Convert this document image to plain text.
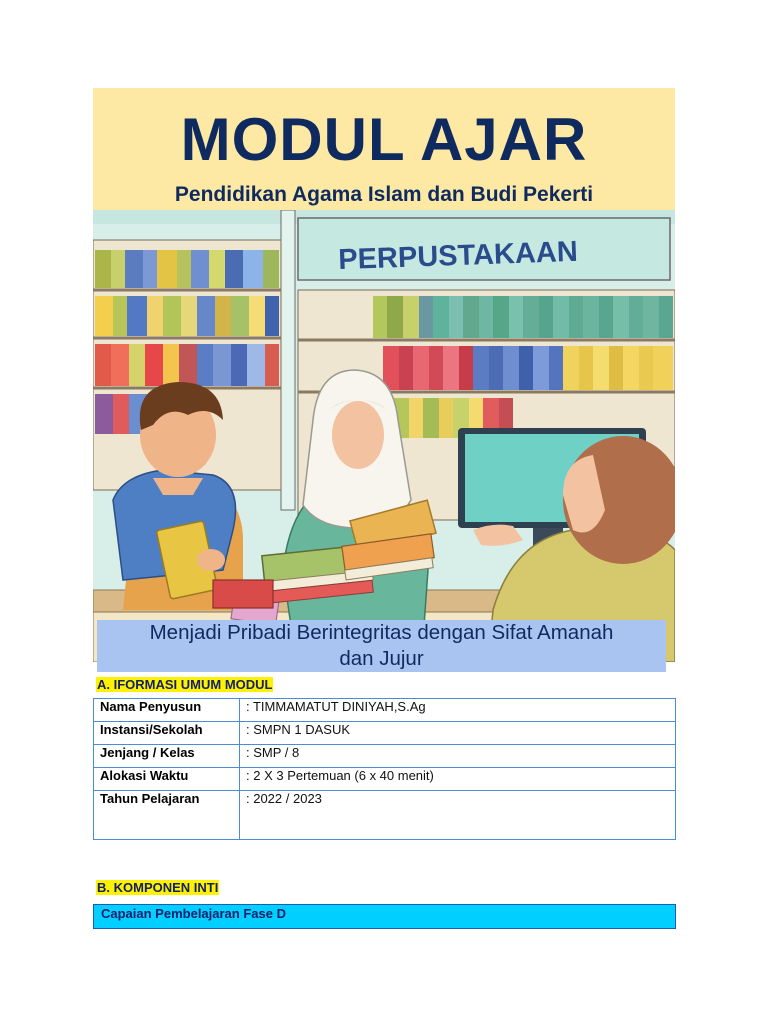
MODUL AJAR
Pendidikan Agama Islam dan Budi Pekerti
PERPUSTAKAAN
Menjadi Pribadi Berintegritas dengan Sifat Amanah
dan Jujur
A. IFORMASI UMUM MODUL
Nama Penyusun	: TIMMAMATUT DINIYAH,S.Ag
Instansi/Sekolah	: SMPN 1 DASUK
Jenjang / Kelas	: SMP / 8
Alokasi Waktu	: 2 X 3 Pertemuan (6 x 40 menit)
Tahun Pelajaran	: 2022 / 2023

B. KOMPONEN INTI
Capaian Pembelajaran Fase D
